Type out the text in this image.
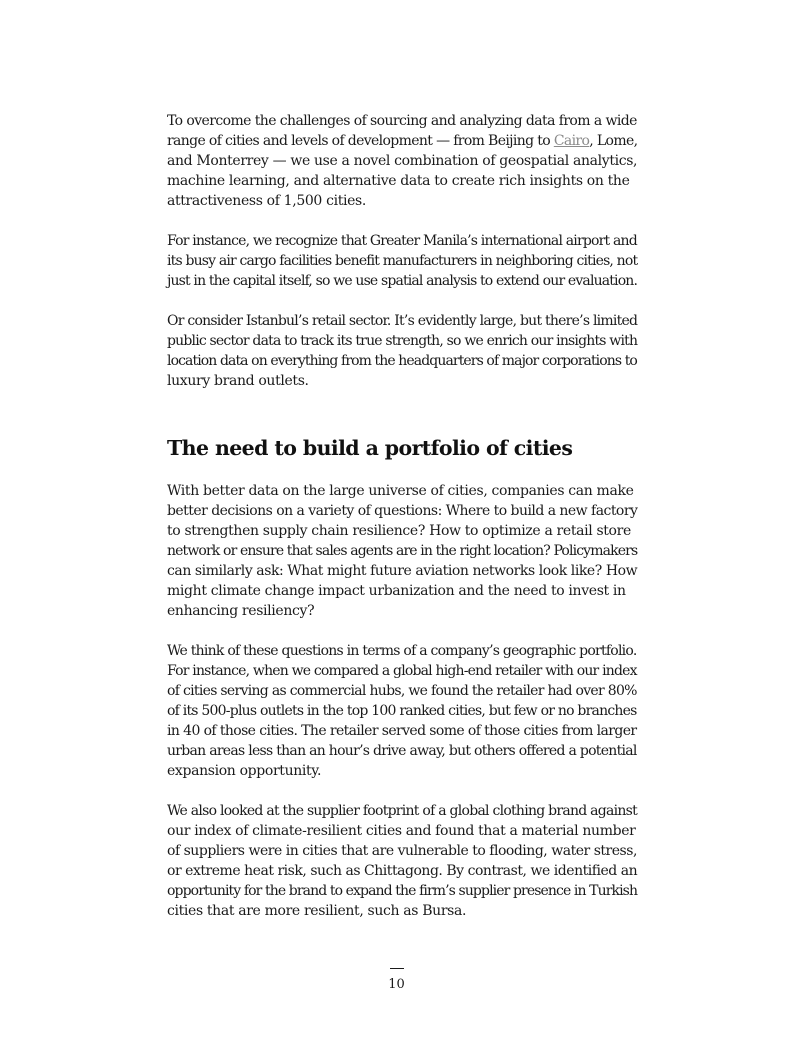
To overcome the challenges of sourcing and analyzing data from a wide
range of cities and levels of development — from Beijing to Cairo, Lome,
and Monterrey — we use a novel combination of geospatial analytics,
machine learning, and alternative data to create rich insights on the
attractiveness of 1,500 cities.

For instance, we recognize that Greater Manila’s international airport and
its busy air cargo facilities benefit manufacturers in neighboring cities, not
just in the capital itself, so we use spatial analysis to extend our evaluation.

Or consider Istanbul’s retail sector. It’s evidently large, but there’s limited
public sector data to track its true strength, so we enrich our insights with
location data on everything from the headquarters of major corporations to
luxury brand outlets.

The need to build a portfolio of cities

With better data on the large universe of cities, companies can make
better decisions on a variety of questions: Where to build a new factory
to strengthen supply chain resilience? How to optimize a retail store
network or ensure that sales agents are in the right location? Policymakers
can similarly ask: What might future aviation networks look like? How
might climate change impact urbanization and the need to invest in
enhancing resiliency?

We think of these questions in terms of a company’s geographic portfolio.
For instance, when we compared a global high-end retailer with our index
of cities serving as commercial hubs, we found the retailer had over 80%
of its 500-plus outlets in the top 100 ranked cities, but few or no branches
in 40 of those cities. The retailer served some of those cities from larger
urban areas less than an hour’s drive away, but others offered a potential
expansion opportunity.

We also looked at the supplier footprint of a global clothing brand against
our index of climate-resilient cities and found that a material number
of suppliers were in cities that are vulnerable to flooding, water stress,
or extreme heat risk, such as Chittagong. By contrast, we identified an
opportunity for the brand to expand the firm’s supplier presence in Turkish
cities that are more resilient, such as Bursa.

10
